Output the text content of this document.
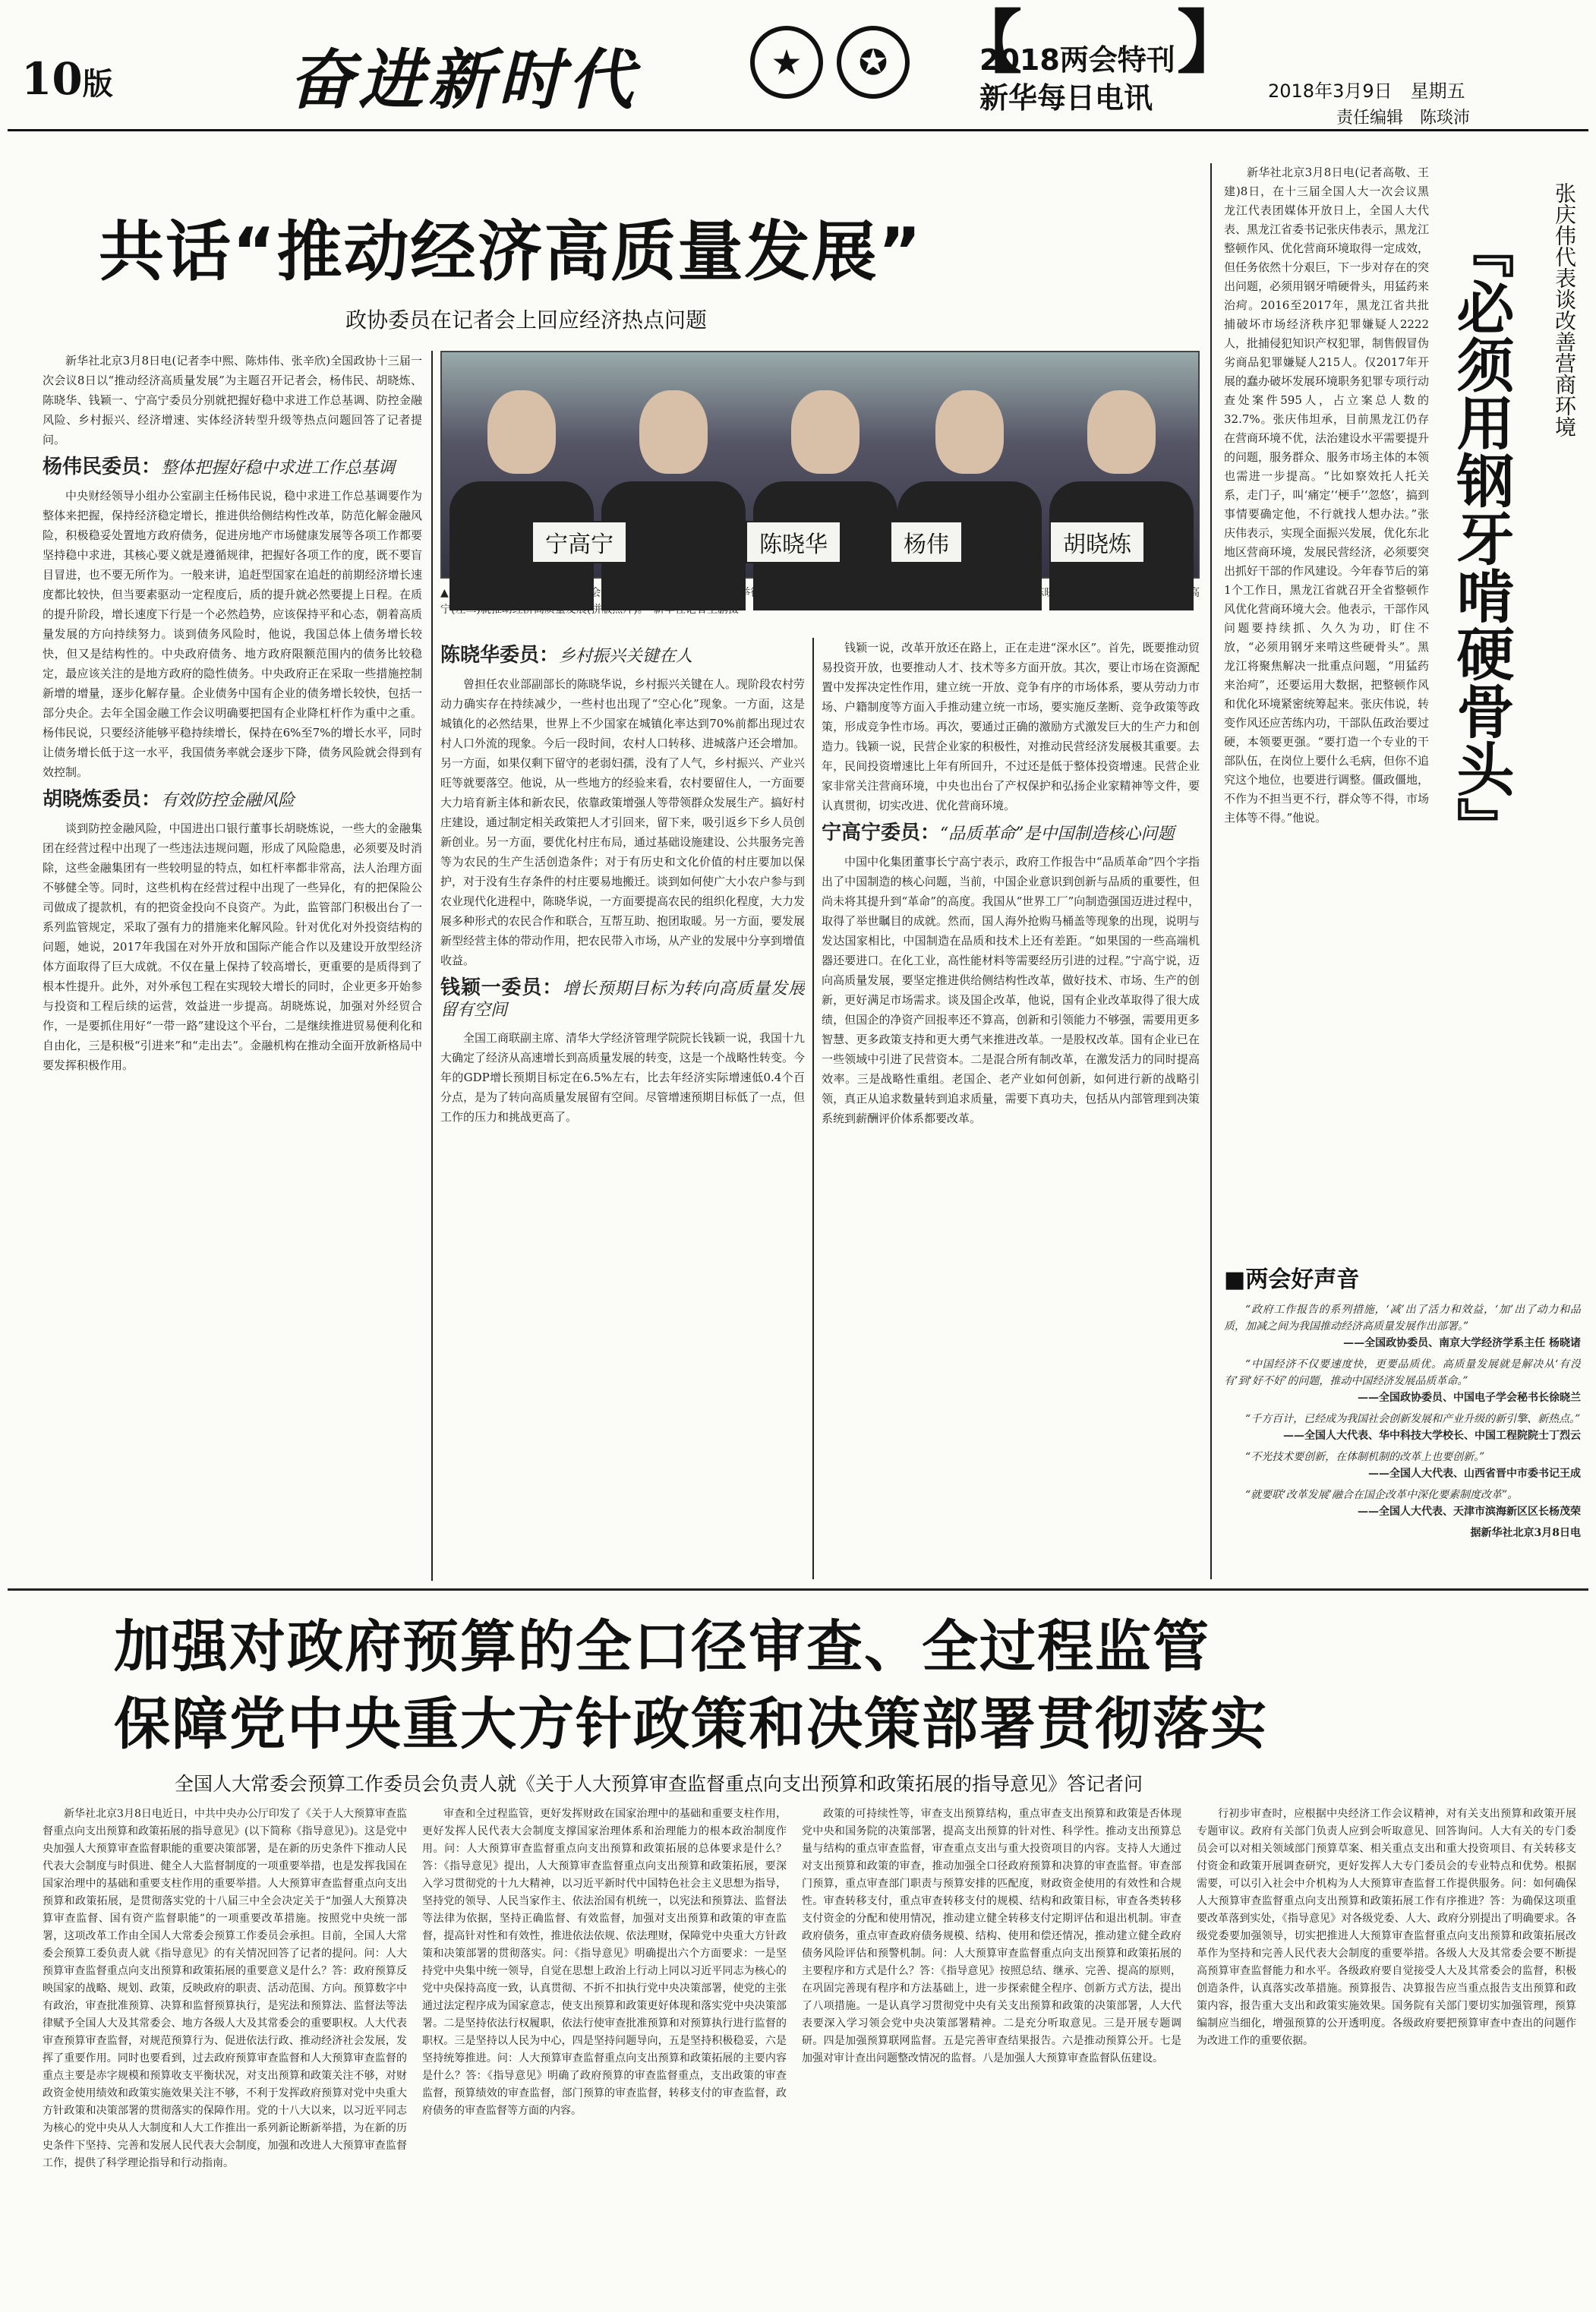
10版	奋进新时代	★	✪ 【
2018两会特刊
新华每日电讯
】
2018年3月9日　星期五
责任编辑　陈琰沛
共话“推动经济高质量发展”
政协委员在记者会上回应经济热点问题

新华社北京3月8日电(记者李中熙、陈炜伟、张辛欣)全国政协十三届一次会议8日以“推动经济高质量发展”为主题召开记者会，杨伟民、胡晓炼、陈晓华、钱颖一、宁高宁委员分别就把握好稳中求进工作总基调、防控金融风险、乡村振兴、经济增速、实体经济转型升级等热点问题回答了记者提问。

杨伟民委员：整体把握好稳中求进工作总基调

中央财经领导小组办公室副主任杨伟民说，稳中求进工作总基调要作为整体来把握，保持经济稳定增长，推进供给侧结构性改革，防范化解金融风险，积极稳妥处置地方政府债务，促进房地产市场健康发展等各项工作都要坚持稳中求进，其核心要义就是遵循规律，把握好各项工作的度，既不要盲目冒进，也不要无所作为。一般来讲，追赶型国家在追赶的前期经济增长速度都比较快，但当要素驱动一定程度后，质的提升就必然要提上日程。在质的提升阶段，增长速度下行是一个必然趋势，应该保持平和心态，朝着高质量发展的方向持续努力。谈到债务风险时，他说，我国总体上债务增长较快，但又是结构性的。中央政府债务、地方政府限额范围内的债务比较稳定，最应该关注的是地方政府的隐性债务。中央政府正在采取一些措施控制新增的增量，逐步化解存量。企业债务中国有企业的债务增长较快，包括一部分央企。去年全国金融工作会议明确要把国有企业降杠杆作为重中之重。杨伟民说，只要经济能够平稳持续增长，保持在6%至7%的增长水平，同时让债务增长低于这一水平，我国债务率就会逐步下降，债务风险就会得到有效控制。

胡晓炼委员：有效防控金融风险

谈到防控金融风险，中国进出口银行董事长胡晓炼说，一些大的金融集团在经营过程中出现了一些违法违规问题，形成了风险隐患，必须要及时消除，这些金融集团有一些较明显的特点，如杠杆率都非常高，法人治理方面不够健全等。同时，这些机构在经营过程中出现了一些异化，有的把保险公司做成了提款机，有的把资金投向不良资产。为此，监管部门积极出台了一系列监管规定，采取了强有力的措施来化解风险。针对优化对外投资结构的问题，她说，2017年我国在对外开放和国际产能合作以及建设开放型经济体方面取得了巨大成就。不仅在量上保持了较高增长，更重要的是质得到了根本性提升。此外，对外承包工程在实现较大增长的同时，企业更多开始参与投资和工程后续的运营，效益进一步提高。胡晓炼说，加强对外经贸合作，一是要抓住用好“一带一路”建设这个平台，二是继续推进贸易便利化和自由化，三是积极“引进来”和“走出去”。金融机构在推动全面开放新格局中要发挥积极作用。

宁高宁	陈晓华	杨伟	胡晓炼
▲3月8日，全国政协十三届一次会议新闻中心在北京人民大会堂举行记者会，邀请全国政协委员杨伟民(左三)、胡晓炼(右二)、陈晓华(右三)、钱颖一(右一)、宁高宁(左二)就推动经济高质量发展(拼版照片)。　新华社记者王鹏摄
陈晓华委员：乡村振兴关键在人

曾担任农业部副部长的陈晓华说，乡村振兴关键在人。现阶段农村劳动力确实存在持续减少，一些村也出现了“空心化”现象。一方面，这是城镇化的必然结果，世界上不少国家在城镇化率达到70%前都出现过农村人口外流的现象。今后一段时间，农村人口转移、进城落户还会增加。另一方面，如果仅剩下留守的老弱妇孺，没有了人气，乡村振兴、产业兴旺等就要落空。他说，从一些地方的经验来看，农村要留住人，一方面要大力培育新主体和新农民，依靠政策增强人等带领群众发展生产。搞好村庄建设，通过制定相关政策把人才引回来，留下来，吸引返乡下乡人员创新创业。另一方面，要优化村庄布局，通过基础设施建设、公共服务完善等为农民的生产生活创造条件；对于有历史和文化价值的村庄要加以保护，对于没有生存条件的村庄要易地搬迁。谈到如何使广大小农户参与到农业现代化进程中，陈晓华说，一方面要提高农民的组织化程度，大力发展多种形式的农民合作和联合，互帮互助、抱团取暖。另一方面，要发展新型经营主体的带动作用，把农民带入市场，从产业的发展中分享到增值收益。

钱颖一委员：增长预期目标为转向高质量发展留有空间

全国工商联副主席、清华大学经济管理学院院长钱颖一说，我国十九大确定了经济从高速增长到高质量发展的转变，这是一个战略性转变。今年的GDP增长预期目标定在6.5%左右，比去年经济实际增速低0.4个百分点，是为了转向高质量发展留有空间。尽管增速预期目标低了一点，但工作的压力和挑战更高了。

钱颖一说，改革开放还在路上，正在走进“深水区”。首先，既要推动贸易投资开放，也要推动人才、技术等多方面开放。其次，要让市场在资源配置中发挥决定性作用，建立统一开放、竞争有序的市场体系，要从劳动力市场、户籍制度等方面入手推动建立统一市场，要实施反垄断、竞争政策等政策，形成竞争性市场。再次，要通过正确的激励方式激发巨大的生产力和创造力。钱颖一说，民营企业家的积极性，对推动民营经济发展极其重要。去年，民间投资增速比上年有所回升，不过还是低于整体投资增速。民营企业家非常关注营商环境，中央也出台了产权保护和弘扬企业家精神等文件，要认真贯彻，切实改进、优化营商环境。

宁高宁委员：“品质革命”是中国制造核心问题

中国中化集团董事长宁高宁表示，政府工作报告中“品质革命”四个字指出了中国制造的核心问题，当前，中国企业意识到创新与品质的重要性，但尚未将其提升到“革命”的高度。我国从“世界工厂”向制造强国迈进过程中，取得了举世瞩目的成就。然而，国人海外抢购马桶盖等现象的出现，说明与发达国家相比，中国制造在品质和技术上还有差距。“如果国的一些高端机器还要进口。在化工业，高性能材料等需要经历引进的过程。”宁高宁说，迈向高质量发展，要坚定推进供给侧结构性改革，做好技术、市场、生产的创新，更好满足市场需求。谈及国企改革，他说，国有企业改革取得了很大成绩，但国企的净资产回报率还不算高，创新和引领能力不够强，需要用更多智慧、更多政策支持和更大勇气来推进改革。一是股权改革。国有企业已在一些领域中引进了民营资本。二是混合所有制改革，在激发活力的同时提高效率。三是战略性重组。老国企、老产业如何创新，如何进行新的战略引领，真正从追求数量转到追求质量，需要下真功夫，包括从内部管理到决策系统到薪酬评价体系都要改革。

『必须用钢牙啃硬骨头』 张庆伟代表谈改善营商环境

新华社北京3月8日电(记者高敬、王建)8日，在十三届全国人大一次会议黑龙江代表团媒体开放日上，全国人大代表、黑龙江省委书记张庆伟表示，黑龙江整顿作风、优化营商环境取得一定成效，但任务依然十分艰巨，下一步对存在的突出问题，必须用钢牙啃硬骨头，用猛药来治疴。2016至2017年，黑龙江省共批捕破坏市场经济秩序犯罪嫌疑人2222人，批捕侵犯知识产权犯罪，制售假冒伪劣商品犯罪嫌疑人215人。仅2017年开展的蠢办破坏发展环境职务犯罪专项行动查处案件595人，占立案总人数的32.7%。张庆伟坦承，目前黑龙江仍存在营商环境不优，法治建设水平需要提升的问题，服务群众、服务市场主体的本领也需进一步提高。“比如察效托人托关系，走门子，叫‘痛定’‘梗手’‘忽悠’，搞到事情要确定他，不行就找人想办法。”张庆伟表示，实现全面振兴发展，优化东北地区营商环境，发展民营经济，必须要突出抓好干部的作风建设。今年春节后的第1个工作日，黑龙江省就召开全省整顿作风优化营商环境大会。他表示，干部作风问题要持续抓、久久为功，盯住不放，“必须用钢牙来啃这些硬骨头”。黑龙江将聚焦解决一批重点问题，“用猛药来治疴”，还要运用大数据，把整顿作风和优化环境紧密统筹起来。张庆伟说，转变作风还应苦练内功，干部队伍政治要过硬，本领要更强。“要打造一个专业的干部队伍，在岗位上要什么毛病，但你不追究这个地位，也要进行调整。僵政僵地，不作为不担当更不行，群众等不得，市场主体等不得。”他说。

■两会好声音

“政府工作报告的系列措施，‘减’出了活力和效益，‘加’出了动力和品质，加减之间为我国推动经济高质量发展作出部署。”

——全国政协委员、南京大学经济学系主任 杨晓诸

“中国经济不仅要速度快，更要品质优。高质量发展就是解决从‘有没有’到‘好不好’的问题，推动中国经济发展品质革命。”

——全国政协委员、中国电子学会秘书长徐晓兰

“千方百计，已经成为我国社会创新发展和产业升级的新引擎、新热点。”

——全国人大代表、华中科技大学校长、中国工程院院士丁烈云

“不光技术要创新，在体制机制的改革上也要创新。”

——全国人大代表、山西省晋中市委书记王成

“就要联‘改革发展’融合在国企改革中深化要素制度改革”。

——全国人大代表、天津市滨海新区区长杨茂荣

据新华社北京3月8日电

加强对政府预算的全口径审查、全过程监管
保障党中央重大方针政策和决策部署贯彻落实
全国人大常委会预算工作委员会负责人就《关于人大预算审查监督重点向支出预算和政策拓展的指导意见》答记者问

新华社北京3月8日电近日，中共中央办公厅印发了《关于人大预算审查监督重点向支出预算和政策拓展的指导意见》(以下简称《指导意见》)。这是党中央加强人大预算审查监督职能的重要决策部署，是在新的历史条件下推动人民代表大会制度与时俱进、健全人大监督制度的一项重要举措，也是发挥我国在国家治理中的基础和重要支柱作用的重要举措。人大预算审查监督重点向支出预算和政策拓展，是贯彻落实党的十八届三中全会决定关于“加强人大预算决算审查监督、国有资产监督职能”的一项重要改革措施。按照党中央统一部署，这项改革工作由全国人大常委会预算工作委员会承担。目前，全国人大常委会预算工委负责人就《指导意见》的有关情况回答了记者的提问。问：人大预算审查监督重点向支出预算和政策拓展的重要意义是什么？答：政府预算反映国家的战略、规划、政策，反映政府的职责、活动范围、方向。预算数字中有政治，审查批准预算、决算和监督预算执行，是宪法和预算法、监督法等法律赋予全国人大及其常委会、地方各级人大及其常委会的重要职权。人大代表审查预算审查监督，对规范预算行为、促进依法行政、推动经济社会发展，发挥了重要作用。同时也要看到，过去政府预算审查监督和人大预算审查监督的重点主要是赤字规模和预算收支平衡状况，对支出预算和政策关注不够，对财政资金使用绩效和政策实施效果关注不够，不利于发挥政府预算对党中央重大方针政策和决策部署的贯彻落实的保障作用。党的十八大以来，以习近平同志为核心的党中央从人大制度和人大工作推出一系列新论断新举措，为在新的历史条件下坚持、完善和发展人民代表大会制度，加强和改进人大预算审查监督工作，提供了科学理论指导和行动指南。

审查和全过程监管，更好发挥财政在国家治理中的基础和重要支柱作用，更好发挥人民代表大会制度支撑国家治理体系和治理能力的根本政治制度作用。问：人大预算审查监督重点向支出预算和政策拓展的总体要求是什么？答：《指导意见》提出，人大预算审查监督重点向支出预算和政策拓展，要深入学习贯彻党的十九大精神，以习近平新时代中国特色社会主义思想为指导，坚持党的领导、人民当家作主、依法治国有机统一，以宪法和预算法、监督法等法律为依据，坚持正确监督、有效监督，加强对支出预算和政策的审查监督，提高针对性和有效性，推进依法依规、依法理财，保障党中央重大方针政策和决策部署的贯彻落实。问：《指导意见》明确提出六个方面要求：一是坚持党中央集中统一领导，自觉在思想上政治上行动上同以习近平同志为核心的党中央保持高度一致，认真贯彻、不折不扣执行党中央决策部署，使党的主张通过法定程序成为国家意志，使支出预算和政策更好体现和落实党中央决策部署。二是坚持依法行权履职，依法行使审查批准预算和对预算执行进行监督的职权。三是坚持以人民为中心，四是坚持问题导向，五是坚持积极稳妥，六是坚持统筹推进。问：人大预算审查监督重点向支出预算和政策拓展的主要内容是什么？答：《指导意见》明确了政府预算的审查监督重点，支出政策的审查监督，预算绩效的审查监督，部门预算的审查监督，转移支付的审查监督，政府债务的审查监督等方面的内容。

政策的可持续性等，审查支出预算结构，重点审查支出预算和政策是否体现党中央和国务院的决策部署，提高支出预算的针对性、科学性。推动支出预算总量与结构的重点审查监督，审查重点支出与重大投资项目的内容。支持人大通过对支出预算和政策的审查，推动加强全口径政府预算和决算的审查监督。审查部门预算，重点审查部门职责与预算安排的匹配度，财政资金使用的有效性和合规性。审查转移支付，重点审查转移支付的规模、结构和政策目标，审查各类转移支付资金的分配和使用情况，推动建立健全转移支付定期评估和退出机制。审查政府债务，重点审查政府债务规模、结构、使用和偿还情况，推动建立健全政府债务风险评估和预警机制。问：人大预算审查监督重点向支出预算和政策拓展的主要程序和方式是什么？答：《指导意见》按照总结、继承、完善、提高的原则，在巩固完善现有程序和方法基础上，进一步探索健全程序、创新方式方法，提出了八项措施。一是认真学习贯彻党中央有关支出预算和政策的决策部署，人大代表要深入学习领会党中央决策部署精神。二是充分听取意见。三是开展专题调研。四是加强预算联网监督。五是完善审查结果报告。六是推动预算公开。七是加强对审计查出问题整改情况的监督。八是加强人大预算审查监督队伍建设。

行初步审查时，应根据中央经济工作会议精神，对有关支出预算和政策开展专题审议。政府有关部门负责人应到会听取意见、回答询问。人大有关的专门委员会可以对相关领域部门预算草案、相关重点支出和重大投资项目、有关转移支付资金和政策开展调查研究，更好发挥人大专门委员会的专业特点和优势。根据需要，可以引入社会中介机构为人大预算审查监督工作提供服务。问：如何确保人大预算审查监督重点向支出预算和政策拓展工作有序推进？答：为确保这项重要改革落到实处，《指导意见》对各级党委、人大、政府分别提出了明确要求。各级党委要加强领导，切实把推进人大预算审查监督重点向支出预算和政策拓展改革作为坚持和完善人民代表大会制度的重要举措。各级人大及其常委会要不断提高预算审查监督能力和水平。各级政府要自觉接受人大及其常委会的监督，积极创造条件，认真落实改革措施。预算报告、决算报告应当重点报告支出预算和政策内容，报告重大支出和政策实施效果。国务院有关部门要切实加强管理，预算编制应当细化，增强预算的公开透明度。各级政府要把预算审查中查出的问题作为改进工作的重要依据。
